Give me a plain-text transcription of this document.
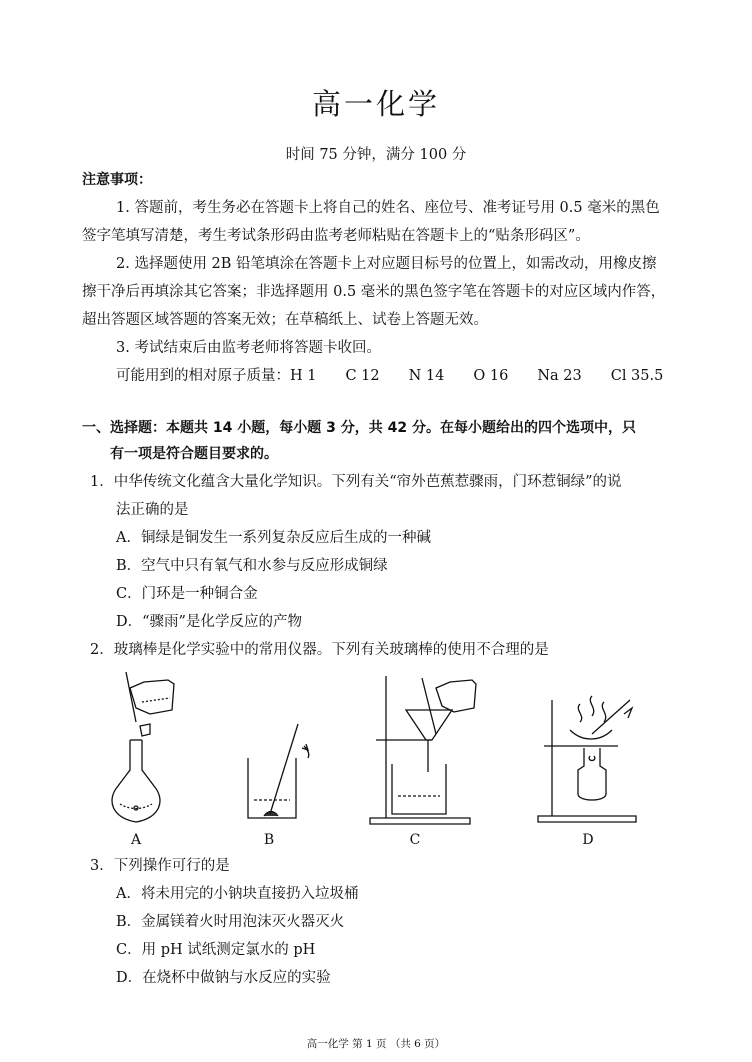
高一化学
时间 75 分钟，满分 100 分
注意事项：
1. 答题前，考生务必在答题卡上将自己的姓名、座位号、准考证号用 0.5 毫米的黑色
签字笔填写清楚，考生考试条形码由监考老师粘贴在答题卡上的“贴条形码区”。
2. 选择题使用 2B 铅笔填涂在答题卡上对应题目标号的位置上，如需改动，用橡皮擦
擦干净后再填涂其它答案；非选择题用 0.5 毫米的黑色签字笔在答题卡的对应区域内作答，
超出答题区域答题的答案无效；在草稿纸上、试卷上答题无效。
3. 考试结束后由监考老师将答题卡收回。
可能用到的相对原子质量：H 1　　C 12　　N 14　　O 16　　Na 23　　Cl 35.5
一、选择题：本题共 14 小题，每小题 3 分，共 42 分。在每小题给出的四个选项中，只
有一项是符合题目要求的。
1．中华传统文化蕴含大量化学知识。下列有关“帘外芭蕉惹骤雨，门环惹铜绿”的说
法正确的是
A．铜绿是铜发生一系列复杂反应后生成的一种碱
B．空气中只有氧气和水参与反应形成铜绿
C．门环是一种铜合金
D．“骤雨”是化学反应的产物
2．玻璃棒是化学实验中的常用仪器。下列有关玻璃棒的使用不合理的是
A	B	C	D
3．下列操作可行的是
A．将未用完的小钠块直接扔入垃圾桶
B．金属镁着火时用泡沫灭火器灭火
C．用 pH 试纸测定氯水的 pH
D．在烧杯中做钠与水反应的实验
高一化学 第 1 页 （共 6 页）
